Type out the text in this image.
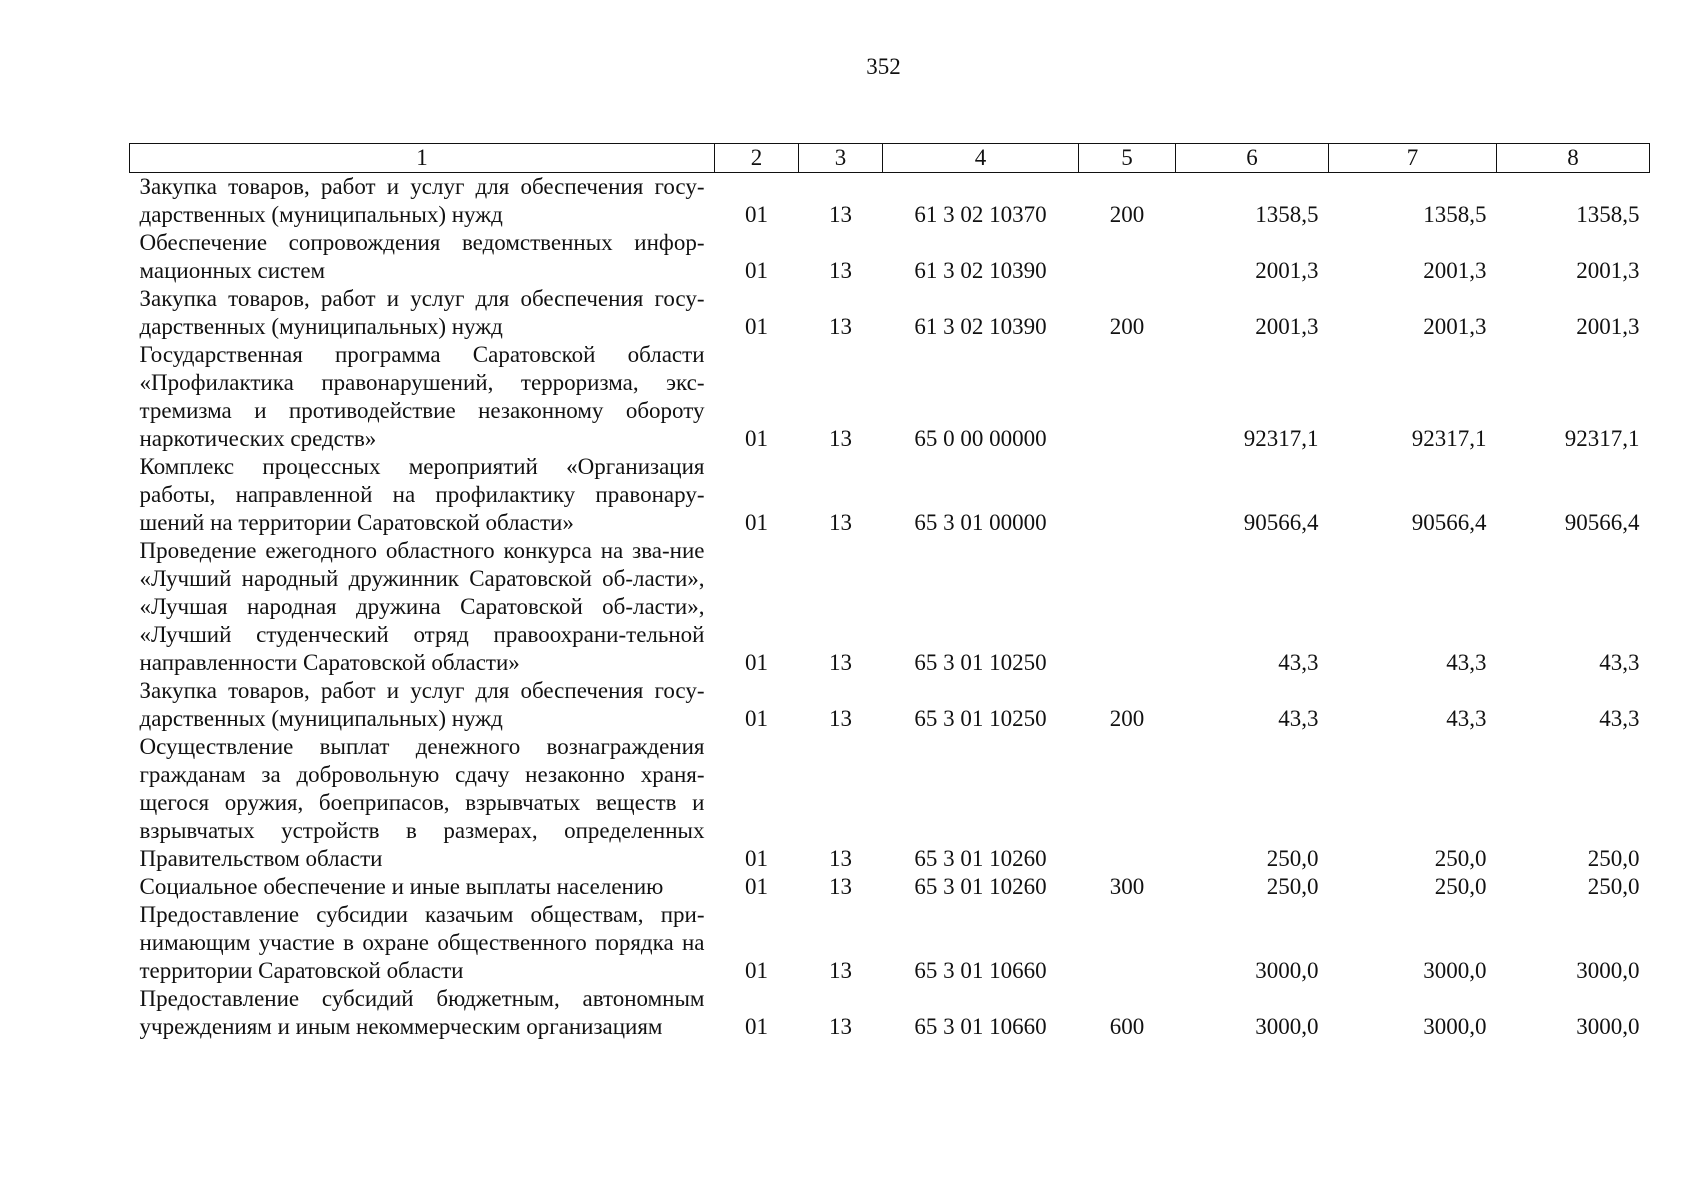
352
1	2	3	4	5	6	7	8
Закупка товаров, работ и услуг для обеспечения госу-дарственных (муниципальных) нужд	01	13	61 3 02 10370	200	1358,5	1358,5	1358,5
Обеспечение сопровождения ведомственных инфор-мационных систем	01	13	61 3 02 10390		2001,3	2001,3	2001,3
Закупка товаров, работ и услуг для обеспечения госу-дарственных (муниципальных) нужд	01	13	61 3 02 10390	200	2001,3	2001,3	2001,3
Государственная программа Саратовской области «Профилактика правонарушений, терроризма, экс-тремизма и противодействие незаконному обороту наркотических средств»	01	13	65 0 00 00000		92317,1	92317,1	92317,1
Комплекс процессных мероприятий «Организация работы, направленной на профилактику правонару-шений на территории Саратовской области»	01	13	65 3 01 00000		90566,4	90566,4	90566,4
Проведение ежегодного областного конкурса на зва-ние «Лучший народный дружинник Саратовской об-ласти», «Лучшая народная дружина Саратовской об-ласти», «Лучший студенческий отряд правоохрани-тельной направленности Саратовской области»	01	13	65 3 01 10250		43,3	43,3	43,3
Закупка товаров, работ и услуг для обеспечения госу-дарственных (муниципальных) нужд	01	13	65 3 01 10250	200	43,3	43,3	43,3
Осуществление выплат денежного вознаграждения гражданам за добровольную сдачу незаконно храня-щегося оружия, боеприпасов, взрывчатых веществ и взрывчатых устройств в размерах, определенных Правительством области	01	13	65 3 01 10260		250,0	250,0	250,0
Социальное обеспечение и иные выплаты населению	01	13	65 3 01 10260	300	250,0	250,0	250,0
Предоставление субсидии казачьим обществам, при-нимающим участие в охране общественного порядка на территории Саратовской области	01	13	65 3 01 10660		3000,0	3000,0	3000,0
Предоставление субсидий бюджетным, автономным учреждениям и иным некоммерческим организациям	01	13	65 3 01 10660	600	3000,0	3000,0	3000,0
